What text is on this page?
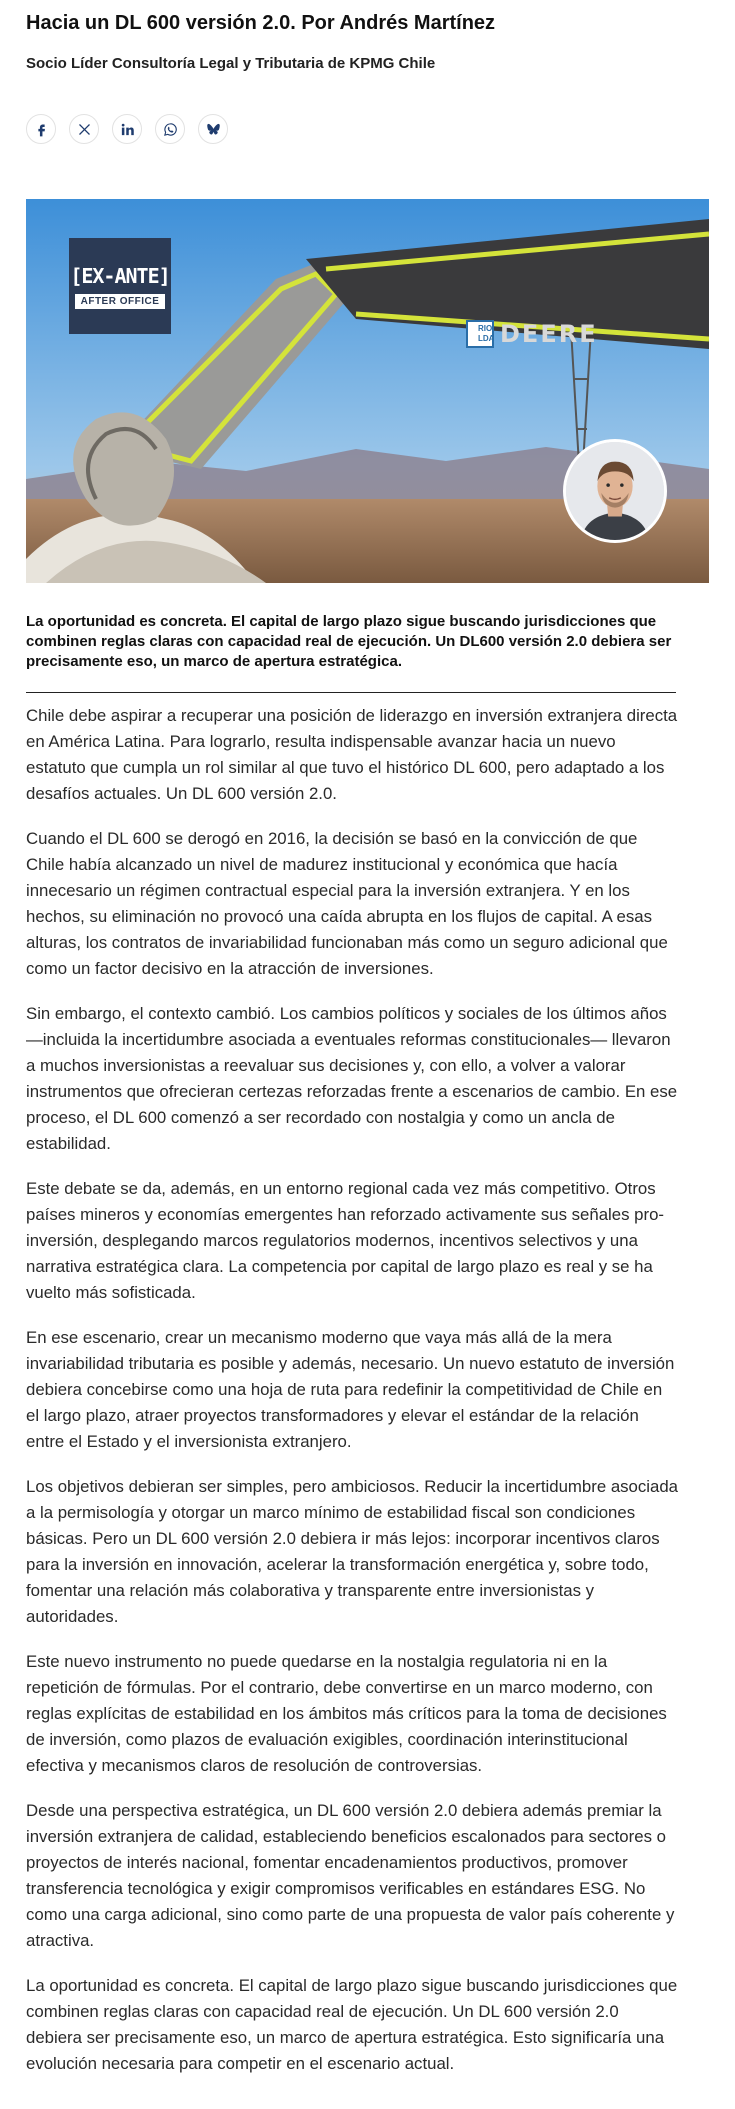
Hacia un DL 600 versión 2.0. Por Andrés Martínez
Socio Líder Consultoría Legal y Tributaria de KPMG Chile
[EX-ANTE]
AFTER OFFICE
RIO
LDA DEERE
La oportunidad es concreta. El capital de largo plazo sigue buscando jurisdicciones que combinen reglas claras con capacidad real de ejecución. Un DL600 versión 2.0 debiera ser precisamente eso, un marco de apertura estratégica.

Chile debe aspirar a recuperar una posición de liderazgo en inversión extranjera directa en América Latina. Para lograrlo, resulta indispensable avanzar hacia un nuevo estatuto que cumpla un rol similar al que tuvo el histórico DL 600, pero adaptado a los desafíos actuales. Un DL 600 versión 2.0.

Cuando el DL 600 se derogó en 2016, la decisión se basó en la convicción de que Chile había alcanzado un nivel de madurez institucional y económica que hacía innecesario un régimen contractual especial para la inversión extranjera. Y en los hechos, su eliminación no provocó una caída abrupta en los flujos de capital. A esas alturas, los contratos de invariabilidad funcionaban más como un seguro adicional que como un factor decisivo en la atracción de inversiones.

Sin embargo, el contexto cambió. Los cambios políticos y sociales de los últimos años —incluida la incertidumbre asociada a eventuales reformas constitucionales— llevaron a muchos inversionistas a reevaluar sus decisiones y, con ello, a volver a valorar instrumentos que ofrecieran certezas reforzadas frente a escenarios de cambio. En ese proceso, el DL 600 comenzó a ser recordado con nostalgia y como un ancla de estabilidad.

Este debate se da, además, en un entorno regional cada vez más competitivo. Otros países mineros y economías emergentes han reforzado activamente sus señales pro-inversión, desplegando marcos regulatorios modernos, incentivos selectivos y una narrativa estratégica clara. La competencia por capital de largo plazo es real y se ha vuelto más sofisticada.

En ese escenario, crear un mecanismo moderno que vaya más allá de la mera invariabilidad tributaria es posible y además, necesario. Un nuevo estatuto de inversión debiera concebirse como una hoja de ruta para redefinir la competitividad de Chile en el largo plazo, atraer proyectos transformadores y elevar el estándar de la relación entre el Estado y el inversionista extranjero.

Los objetivos debieran ser simples, pero ambiciosos. Reducir la incertidumbre asociada a la permisología y otorgar un marco mínimo de estabilidad fiscal son condiciones básicas. Pero un DL 600 versión 2.0 debiera ir más lejos: incorporar incentivos claros para la inversión en innovación, acelerar la transformación energética y, sobre todo, fomentar una relación más colaborativa y transparente entre inversionistas y autoridades.

Este nuevo instrumento no puede quedarse en la nostalgia regulatoria ni en la repetición de fórmulas. Por el contrario, debe convertirse en un marco moderno, con reglas explícitas de estabilidad en los ámbitos más críticos para la toma de decisiones de inversión, como plazos de evaluación exigibles, coordinación interinstitucional efectiva y mecanismos claros de resolución de controversias.

Desde una perspectiva estratégica, un DL 600 versión 2.0 debiera además premiar la inversión extranjera de calidad, estableciendo beneficios escalonados para sectores o proyectos de interés nacional, fomentar encadenamientos productivos, promover transferencia tecnológica y exigir compromisos verificables en estándares ESG. No como una carga adicional, sino como parte de una propuesta de valor país coherente y atractiva.

La oportunidad es concreta. El capital de largo plazo sigue buscando jurisdicciones que combinen reglas claras con capacidad real de ejecución. Un DL 600 versión 2.0 debiera ser precisamente eso, un marco de apertura estratégica. Esto significaría una evolución necesaria para competir en el escenario actual.
